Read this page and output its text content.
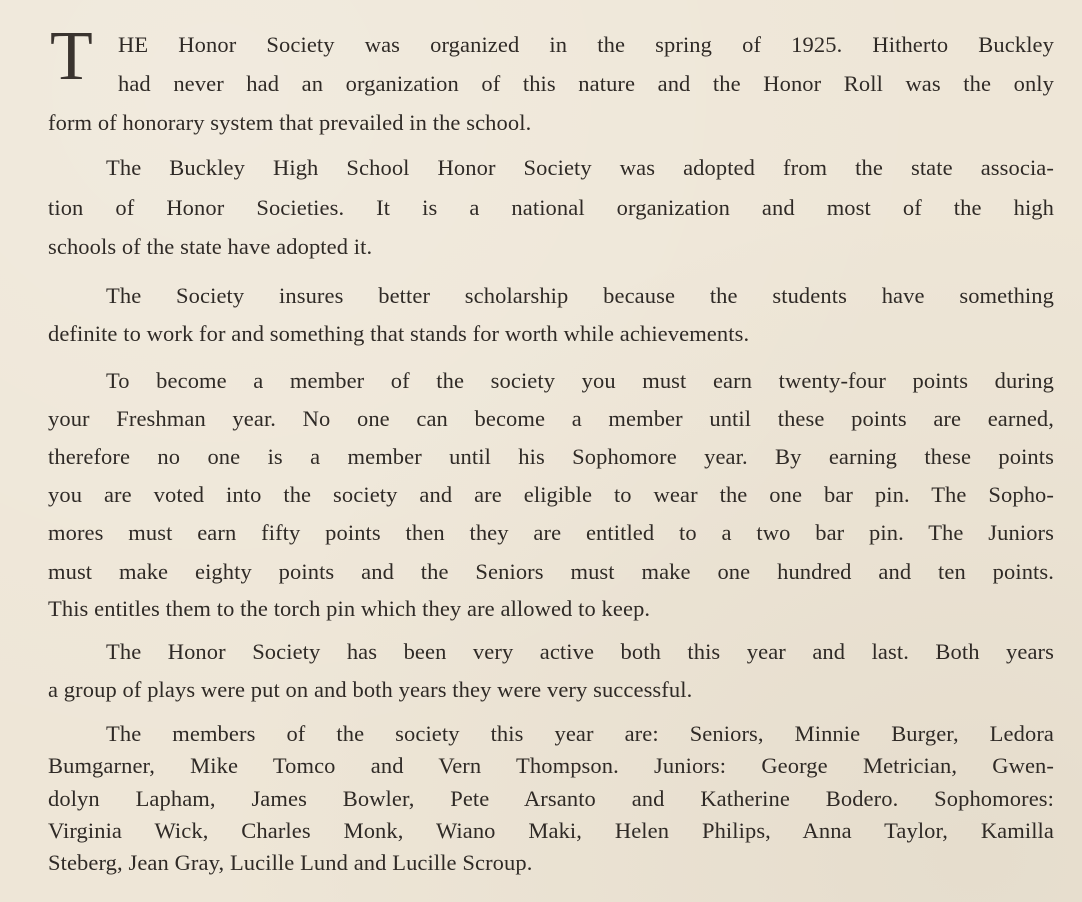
T HE Honor Society was organized in the spring of 1925. Hitherto Buckley
had never had an organization of this nature and the Honor Roll was the only
form of honorary system that prevailed in the school.
The Buckley High School Honor Society was adopted from the state associa-
tion of Honor Societies. It is a national organization and most of the high
schools of the state have adopted it.
The Society insures better scholarship because the students have something
definite to work for and something that stands for worth while achievements.
To become a member of the society you must earn twenty-four points during
your Freshman year. No one can become a member until these points are earned,
therefore no one is a member until his Sophomore year. By earning these points
you are voted into the society and are eligible to wear the one bar pin. The Sopho-
mores must earn fifty points then they are entitled to a two bar pin. The Juniors
must make eighty points and the Seniors must make one hundred and ten points.
This entitles them to the torch pin which they are allowed to keep.
The Honor Society has been very active both this year and last. Both years
a group of plays were put on and both years they were very successful.
The members of the society this year are: Seniors, Minnie Burger, Ledora
Bumgarner, Mike Tomco and Vern Thompson. Juniors: George Metrician, Gwen-
dolyn Lapham, James Bowler, Pete Arsanto and Katherine Bodero. Sophomores:
Virginia Wick, Charles Monk, Wiano Maki, Helen Philips, Anna Taylor, Kamilla
Steberg, Jean Gray, Lucille Lund and Lucille Scroup.
